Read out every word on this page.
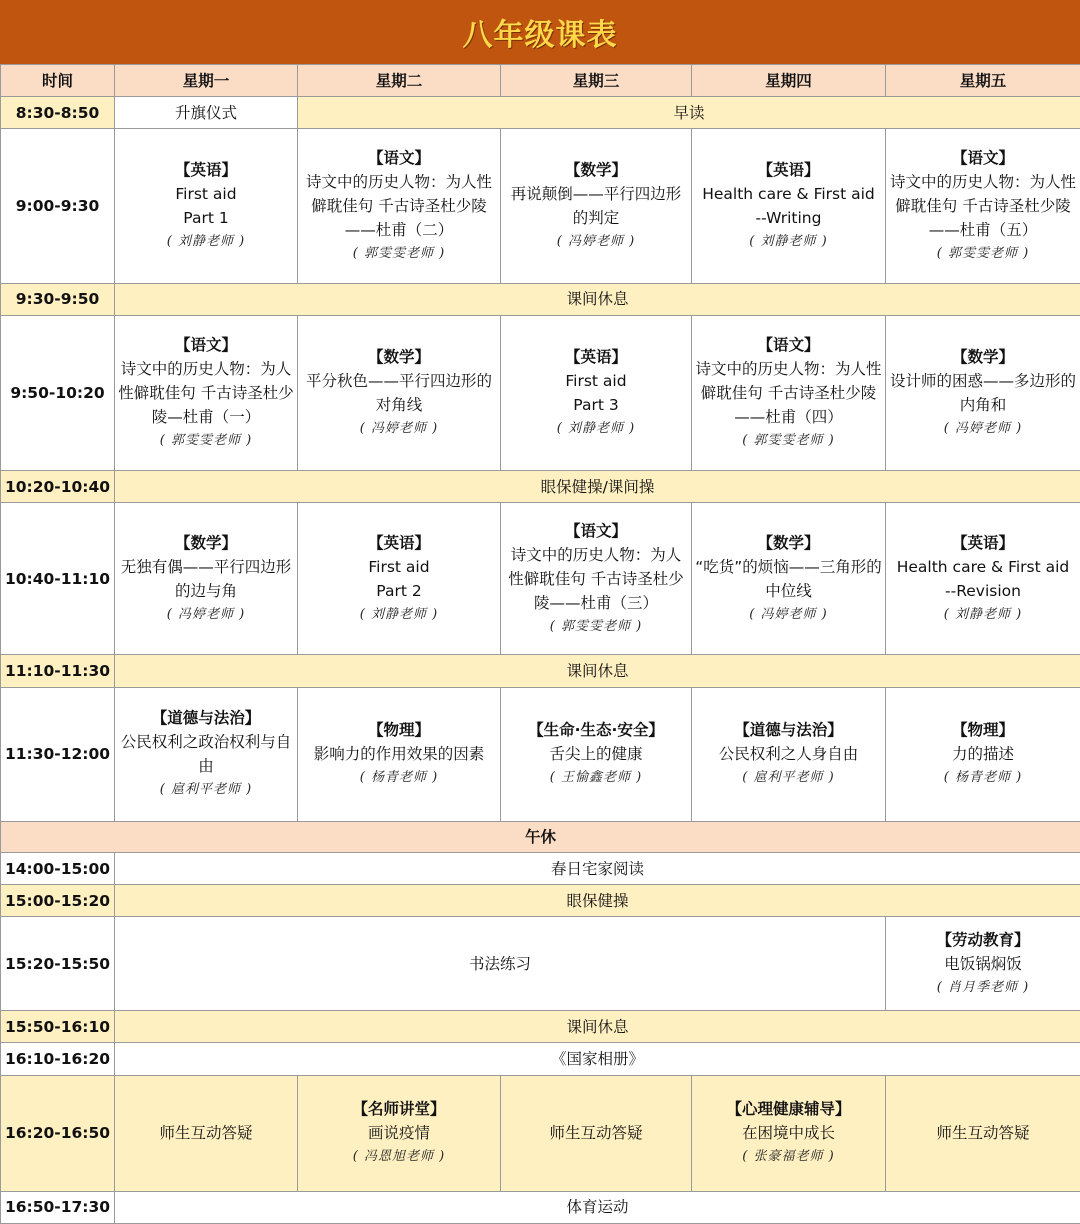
八年级课表
时间	星期一	星期二	星期三	星期四	星期五
8:30-8:50	升旗仪式	早读			
9:00-9:30	【英语】
First aid
Part 1
( 刘静老师 )	【语文】
诗文中的历史人物：为人性僻耽佳句 千古诗圣杜少陵——杜甫（二）
( 郭雯雯老师 )	【数学】
再说颠倒——平行四边形的判定
( 冯婷老师 )	【英语】
Health care & First aid
--Writing
( 刘静老师 )	【语文】
诗文中的历史人物：为人性僻耽佳句 千古诗圣杜少陵——杜甫（五）
( 郭雯雯老师 )

9:30-9:50	课间休息				
9:50-10:20	【语文】
诗文中的历史人物：为人性僻耽佳句 千古诗圣杜少陵—杜甫（一）
( 郭雯雯老师 )	【数学】
平分秋色——平行四边形的对角线
( 冯婷老师 )	【英语】
First aid
Part 3
( 刘静老师 )	【语文】
诗文中的历史人物：为人性僻耽佳句 千古诗圣杜少陵——杜甫（四）
( 郭雯雯老师 )	【数学】
设计师的困惑——多边形的内角和
( 冯婷老师 )

10:20-10:40	眼保健操/课间操				
10:40-11:10	【数学】
无独有偶——平行四边形的边与角
( 冯婷老师 )	【英语】
First aid
Part 2
( 刘静老师 )	【语文】
诗文中的历史人物：为人性僻耽佳句 千古诗圣杜少陵——杜甫（三）
( 郭雯雯老师 )	【数学】
“吃货”的烦恼——三角形的中位线
( 冯婷老师 )	【英语】
Health care & First aid
--Revision
( 刘静老师 )

11:10-11:30	课间休息				
11:30-12:00	【道德与法治】
公民权利之政治权利与自由
( 扈利平老师 )	【物理】
影响力的作用效果的因素
( 杨青老师 )	【生命·生态·安全】
舌尖上的健康
( 王愉鑫老师 )	【道德与法治】
公民权利之人身自由
( 扈利平老师 )	【物理】
力的描述
( 杨青老师 )

午休					
14:00-15:00	春日宅家阅读				
15:00-15:20	眼保健操				
15:20-15:50	书法练习				【劳动教育】
电饭锅焖饭
( 肖月季老师 )

15:50-16:10	课间休息				
16:10-16:20	《国家相册》				
16:20-16:50	师生互动答疑	【名师讲堂】
画说疫情
( 冯恩旭老师 )	师生互动答疑	【心理健康辅导】
在困境中成长
( 张豪福老师 )	师生互动答疑
16:50-17:30	体育运动				
